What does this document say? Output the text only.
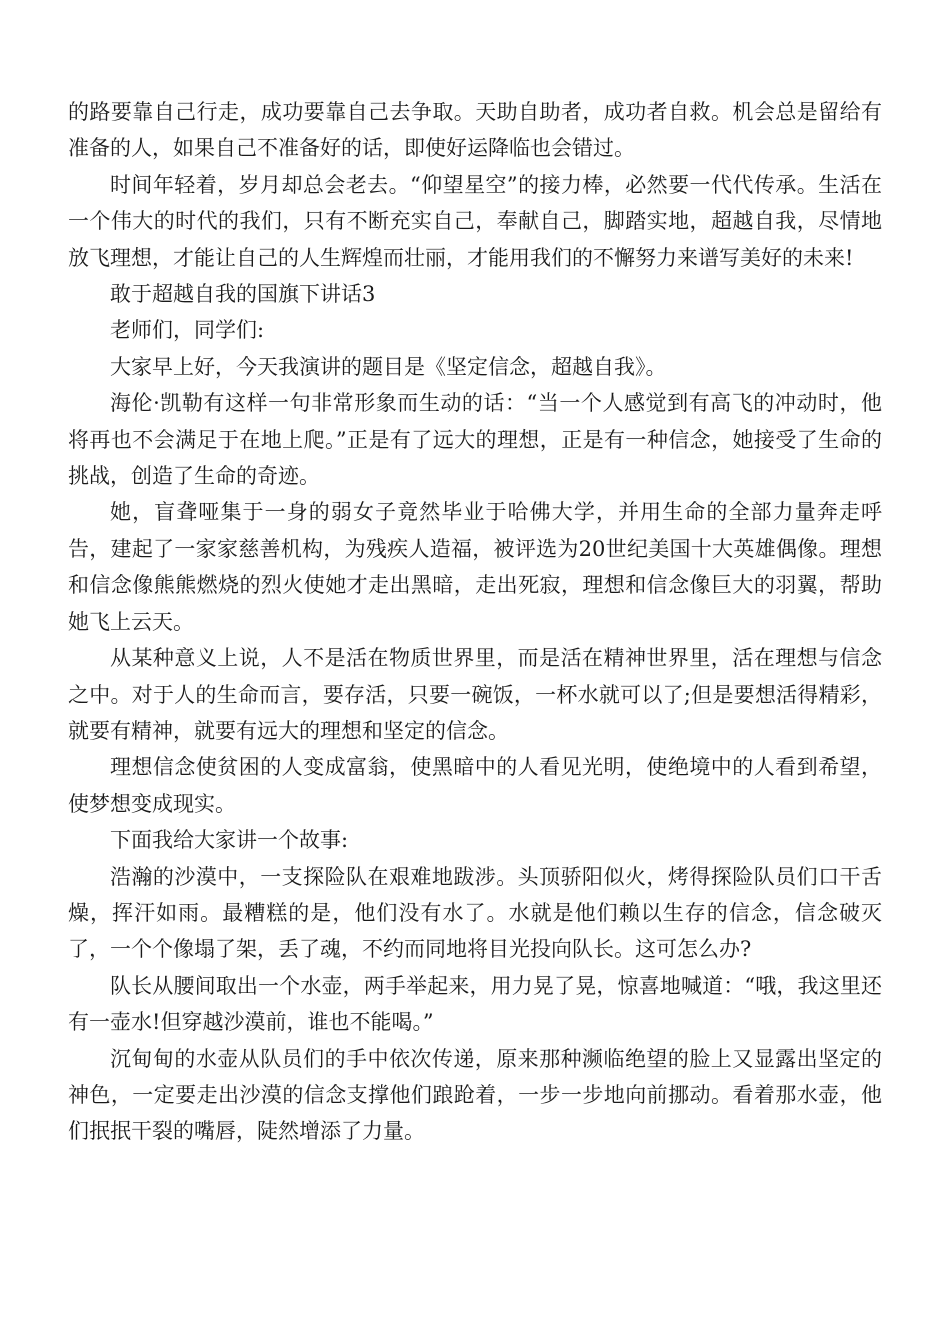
的路要靠自己行走，成功要靠自己去争取。天助自助者，成功者自救。机会总是留给有准备的人，如果自己不准备好的话，即使好运降临也会错过。

时间年轻着，岁月却总会老去。“仰望星空”的接力棒，必然要一代代传承。生活在一个伟大的时代的我们，只有不断充实自己，奉献自己，脚踏实地，超越自我，尽情地放飞理想，才能让自己的人生辉煌而壮丽，才能用我们的不懈努力来谱写美好的未来!

敢于超越自我的国旗下讲话3

老师们，同学们:

大家早上好，今天我演讲的题目是《坚定信念，超越自我》。

海伦·凯勒有这样一句非常形象而生动的话：“当一个人感觉到有高飞的冲动时，他将再也不会满足于在地上爬。”正是有了远大的理想，正是有一种信念，她接受了生命的挑战，创造了生命的奇迹。

她，盲聋哑集于一身的弱女子竟然毕业于哈佛大学，并用生命的全部力量奔走呼告，建起了一家家慈善机构，为残疾人造福，被评选为20世纪美国十大英雄偶像。理想和信念像熊熊燃烧的烈火使她才走出黑暗，走出死寂，理想和信念像巨大的羽翼，帮助她飞上云天。

从某种意义上说，人不是活在物质世界里，而是活在精神世界里，活在理想与信念之中。对于人的生命而言，要存活，只要一碗饭，一杯水就可以了;但是要想活得精彩，就要有精神，就要有远大的理想和坚定的信念。

理想信念使贫困的人变成富翁，使黑暗中的人看见光明，使绝境中的人看到希望，使梦想变成现实。

下面我给大家讲一个故事:

浩瀚的沙漠中，一支探险队在艰难地跋涉。头顶骄阳似火，烤得探险队员们口干舌燥，挥汗如雨。最糟糕的是，他们没有水了。水就是他们赖以生存的信念，信念破灭了，一个个像塌了架，丢了魂，不约而同地将目光投向队长。这可怎么办?

队长从腰间取出一个水壶，两手举起来，用力晃了晃，惊喜地喊道：“哦，我这里还有一壶水!但穿越沙漠前，谁也不能喝。”

沉甸甸的水壶从队员们的手中依次传递，原来那种濒临绝望的脸上又显露出坚定的神色，一定要走出沙漠的信念支撑他们踉跄着，一步一步地向前挪动。看着那水壶，他们抿抿干裂的嘴唇，陡然增添了力量。
